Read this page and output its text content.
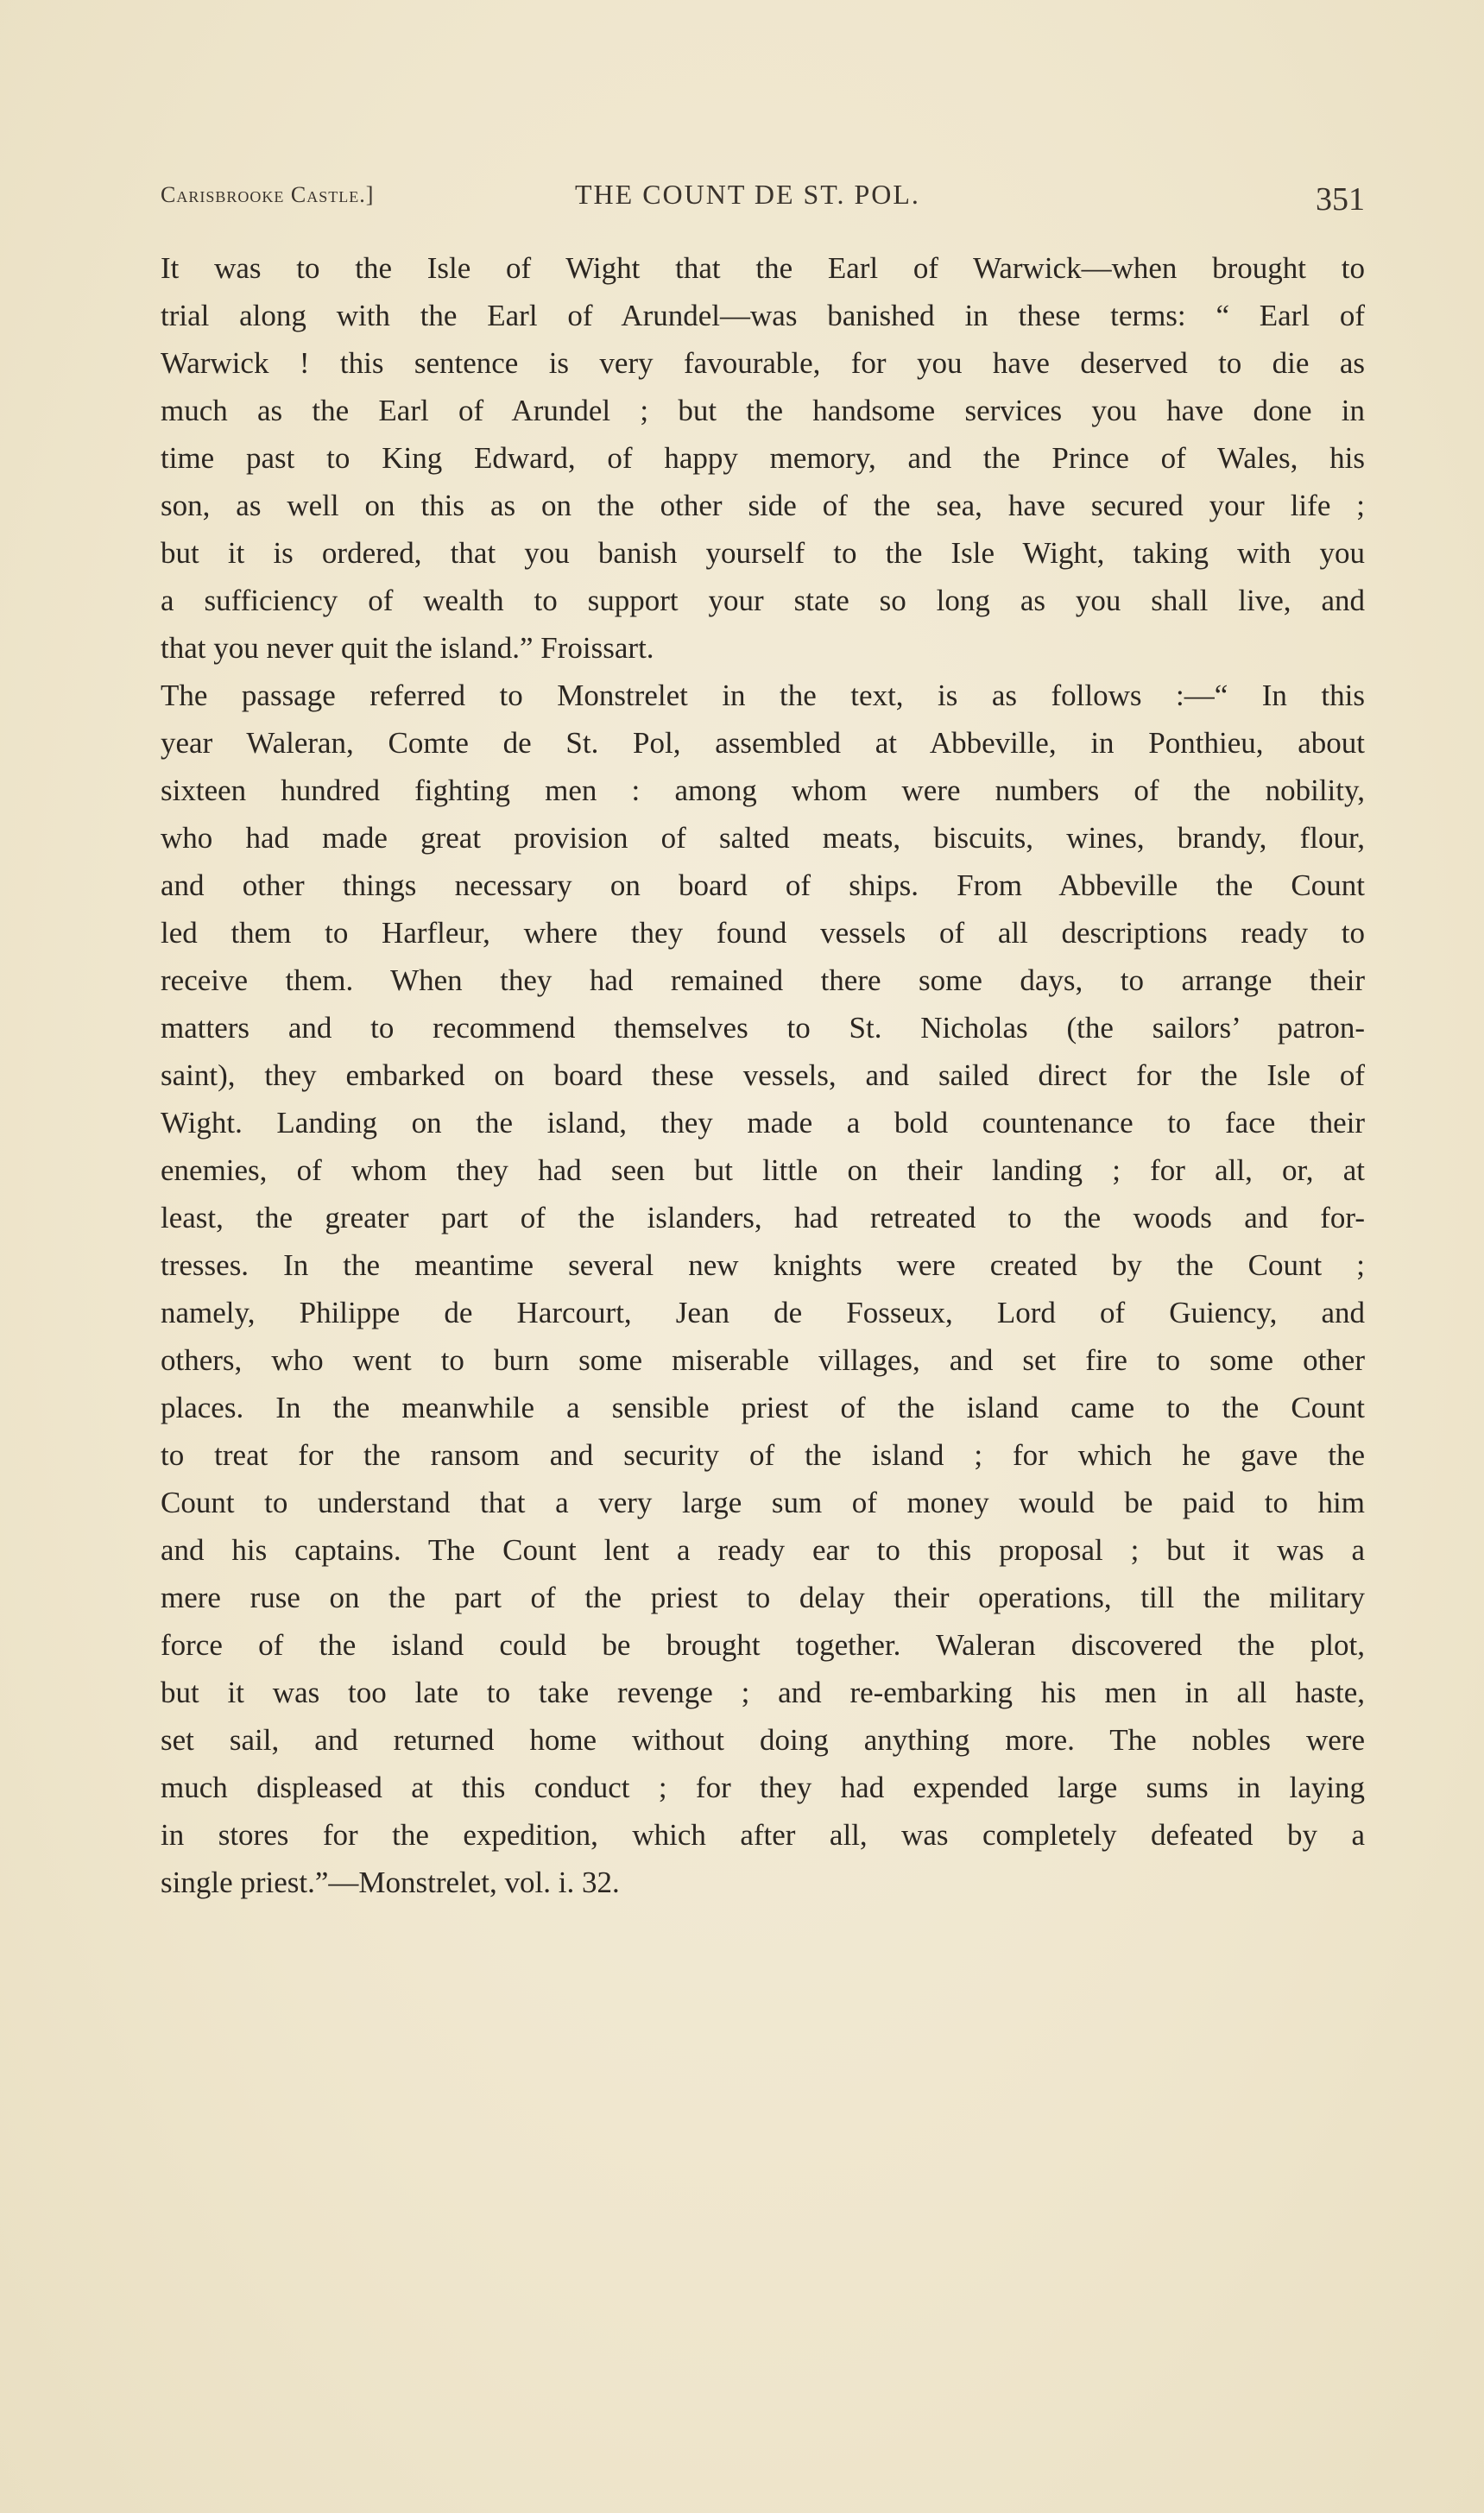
Carisbrooke Castle.]	THE COUNT DE ST. POL.	351
It was to the Isle of Wight that the Earl of Warwick—when brought to
trial along with the Earl of Arundel—was banished in these terms: “ Earl of
Warwick ! this sentence is very favourable, for you have deserved to die as
much as the Earl of Arundel ; but the handsome services you have done in
time past to King Edward, of happy memory, and the Prince of Wales, his
son, as well on this as on the other side of the sea, have secured your life ;
but it is ordered, that you banish yourself to the Isle Wight, taking with you
a sufficiency of wealth to support your state so long as you shall live, and
that you never quit the island.” Froissart.
The passage referred to Monstrelet in the text, is as follows :—“ In this
year Waleran, Comte de St. Pol, assembled at Abbeville, in Ponthieu, about
sixteen hundred fighting men : among whom were numbers of the nobility,
who had made great provision of salted meats, biscuits, wines, brandy, flour,
and other things necessary on board of ships. From Abbeville the Count
led them to Harfleur, where they found vessels of all descriptions ready to
receive them. When they had remained there some days, to arrange their
matters and to recommend themselves to St. Nicholas (the sailors’ patron-
saint), they embarked on board these vessels, and sailed direct for the Isle of
Wight. Landing on the island, they made a bold countenance to face their
enemies, of whom they had seen but little on their landing ; for all, or, at
least, the greater part of the islanders, had retreated to the woods and for-
tresses. In the meantime several new knights were created by the Count ;
namely, Philippe de Harcourt, Jean de Fosseux, Lord of Guiency, and
others, who went to burn some miserable villages, and set fire to some other
places. In the meanwhile a sensible priest of the island came to the Count
to treat for the ransom and security of the island ; for which he gave the
Count to understand that a very large sum of money would be paid to him
and his captains. The Count lent a ready ear to this proposal ; but it was a
mere ruse on the part of the priest to delay their operations, till the military
force of the island could be brought together. Waleran discovered the plot,
but it was too late to take revenge ; and re-embarking his men in all haste,
set sail, and returned home without doing anything more. The nobles were
much displeased at this conduct ; for they had expended large sums in laying
in stores for the expedition, which after all, was completely defeated by a
single priest.”—Monstrelet, vol. i. 32.
